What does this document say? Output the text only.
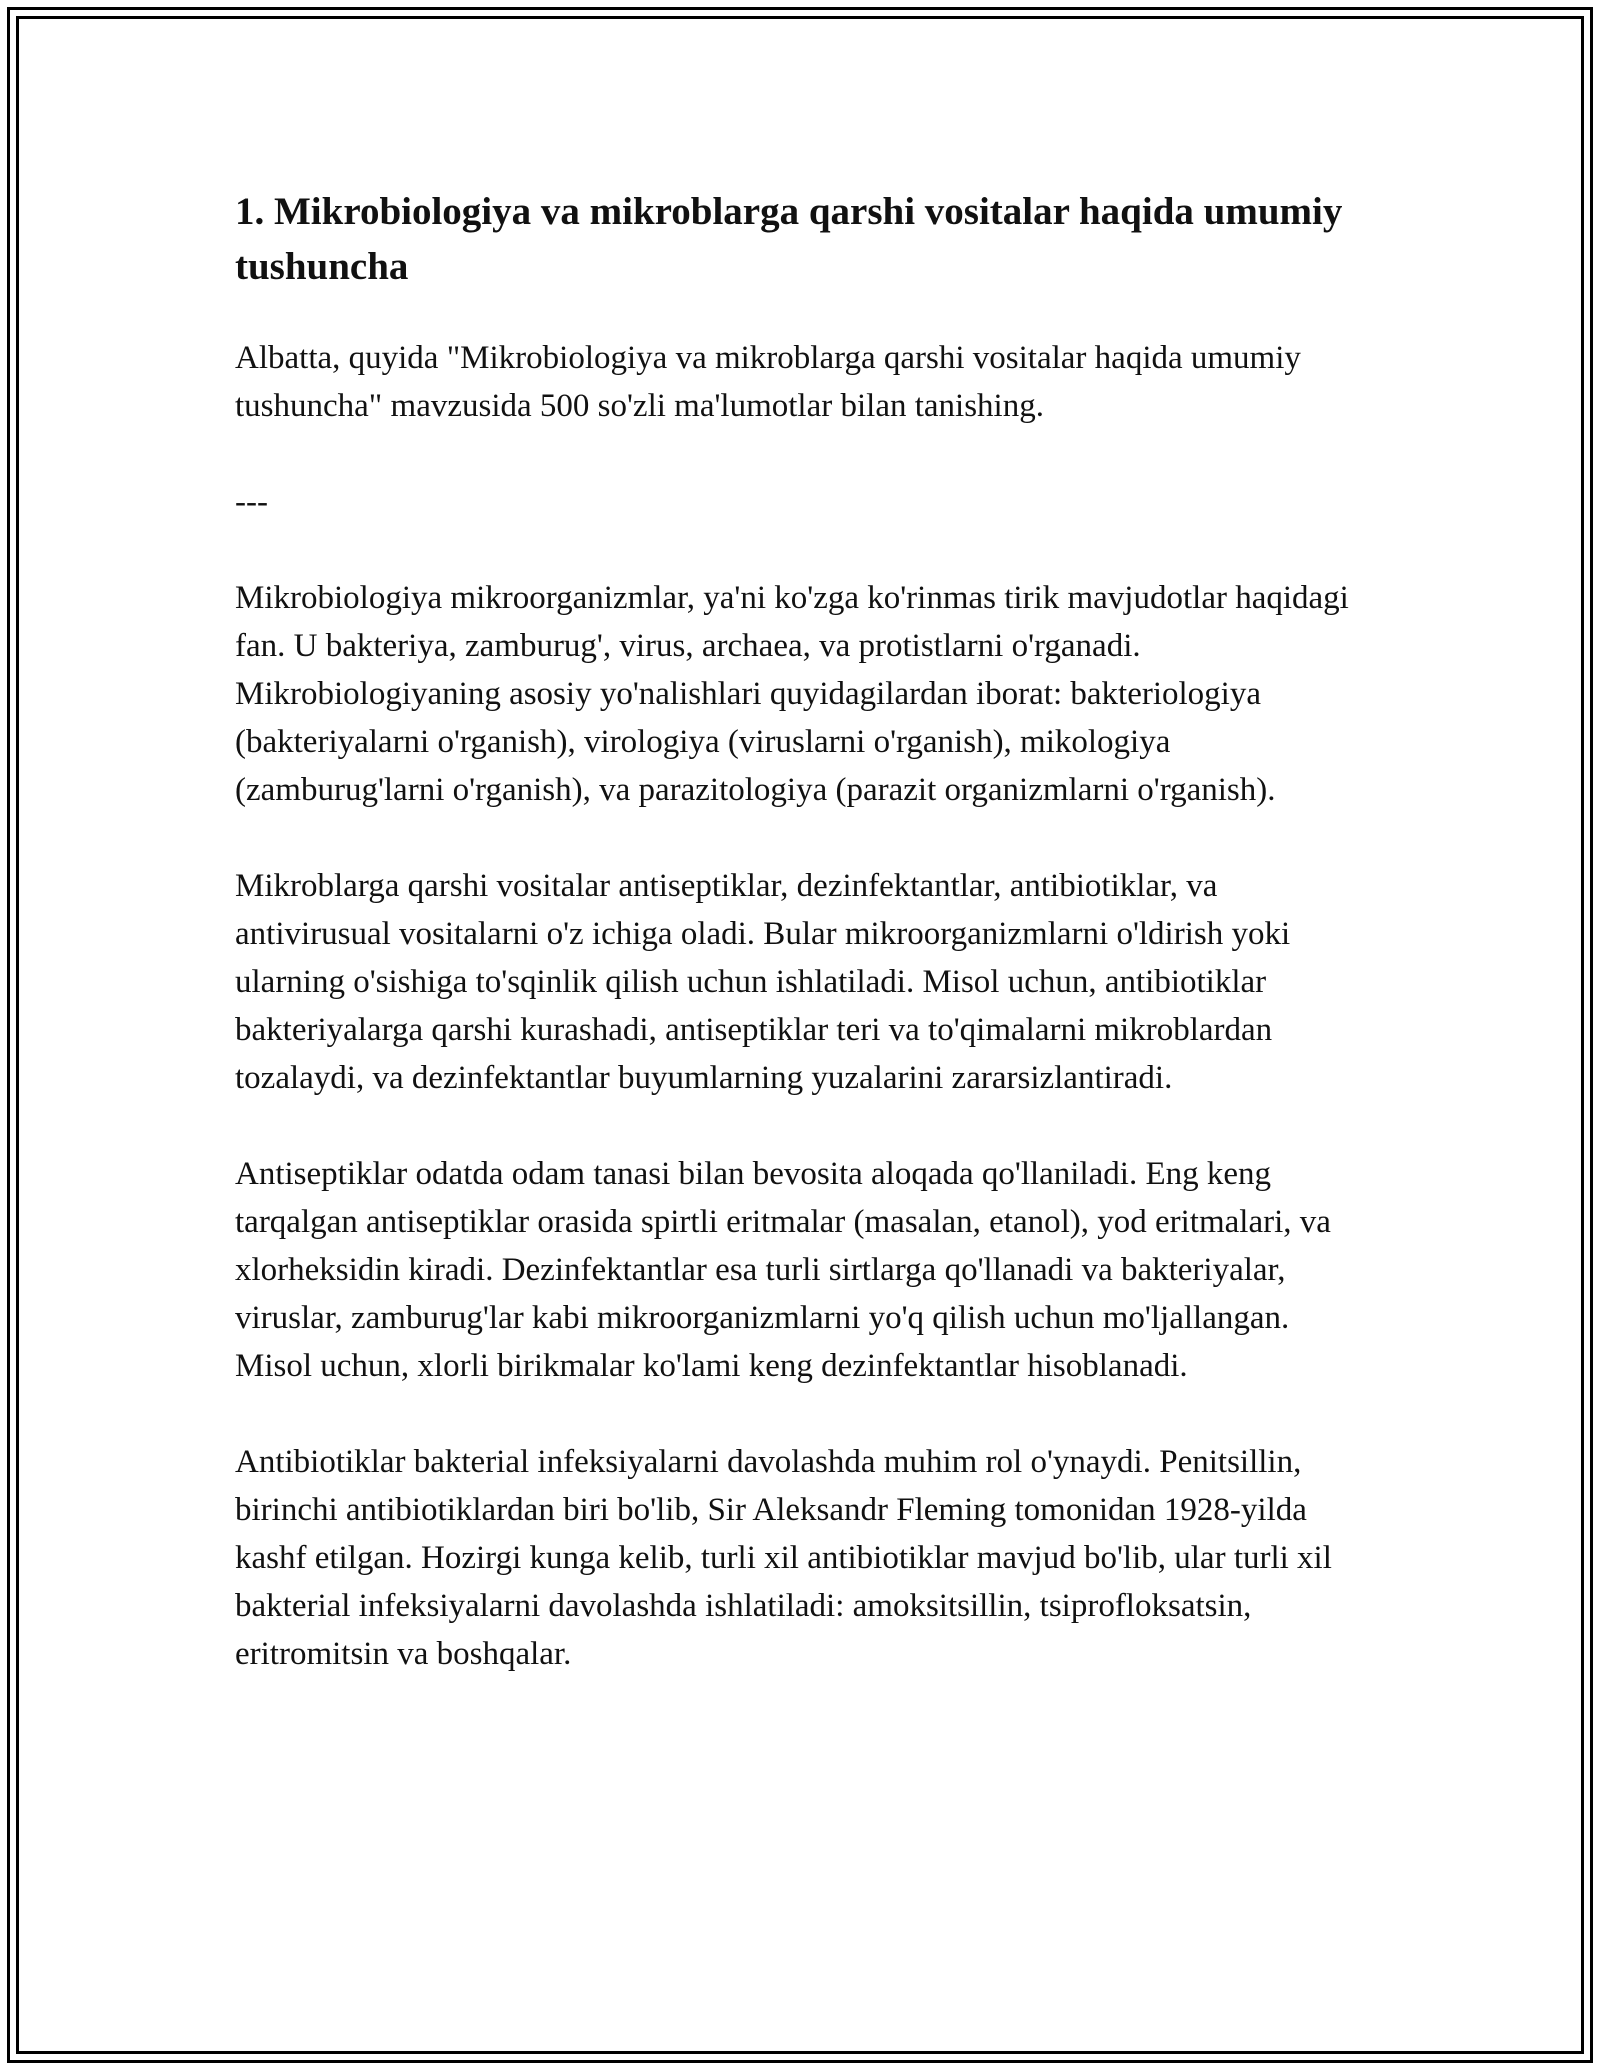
1. Mikrobiologiya va mikroblarga qarshi vositalar haqida umumiy tushuncha

Albatta, quyida "Mikrobiologiya va mikroblarga qarshi vositalar haqida umumiy tushuncha" mavzusida 500 so'zli ma'lumotlar bilan tanishing.

---

Mikrobiologiya mikroorganizmlar, ya'ni ko'zga ko'rinmas tirik mavjudotlar haqidagi fan. U bakteriya, zamburug', virus, archaea, va protistlarni o'rganadi. Mikrobiologiyaning asosiy yo'nalishlari quyidagilardan iborat: bakteriologiya (bakteriyalarni o'rganish), virologiya (viruslarni o'rganish), mikologiya (zamburug'larni o'rganish), va parazitologiya (parazit organizmlarni o'rganish).

Mikroblarga qarshi vositalar antiseptiklar, dezinfektantlar, antibiotiklar, va antivirusual vositalarni o'z ichiga oladi. Bular mikroorganizmlarni o'ldirish yoki ularning o'sishiga to'sqinlik qilish uchun ishlatiladi. Misol uchun, antibiotiklar bakteriyalarga qarshi kurashadi, antiseptiklar teri va to'qimalarni mikroblardan tozalaydi, va dezinfektantlar buyumlarning yuzalarini zararsizlantiradi.

Antiseptiklar odatda odam tanasi bilan bevosita aloqada qo'llaniladi. Eng keng tarqalgan antiseptiklar orasida spirtli eritmalar (masalan, etanol), yod eritmalari, va xlorheksidin kiradi. Dezinfektantlar esa turli sirtlarga qo'llanadi va bakteriyalar, viruslar, zamburug'lar kabi mikroorganizmlarni yo'q qilish uchun mo'ljallangan. Misol uchun, xlorli birikmalar ko'lami keng dezinfektantlar hisoblanadi.

Antibiotiklar bakterial infeksiyalarni davolashda muhim rol o'ynaydi. Penitsillin, birinchi antibiotiklardan biri bo'lib, Sir Aleksandr Fleming tomonidan 1928-yilda kashf etilgan. Hozirgi kunga kelib, turli xil antibiotiklar mavjud bo'lib, ular turli xil bakterial infeksiyalarni davolashda ishlatiladi: amoksitsillin, tsiprofloksatsin, eritromitsin va boshqalar.
